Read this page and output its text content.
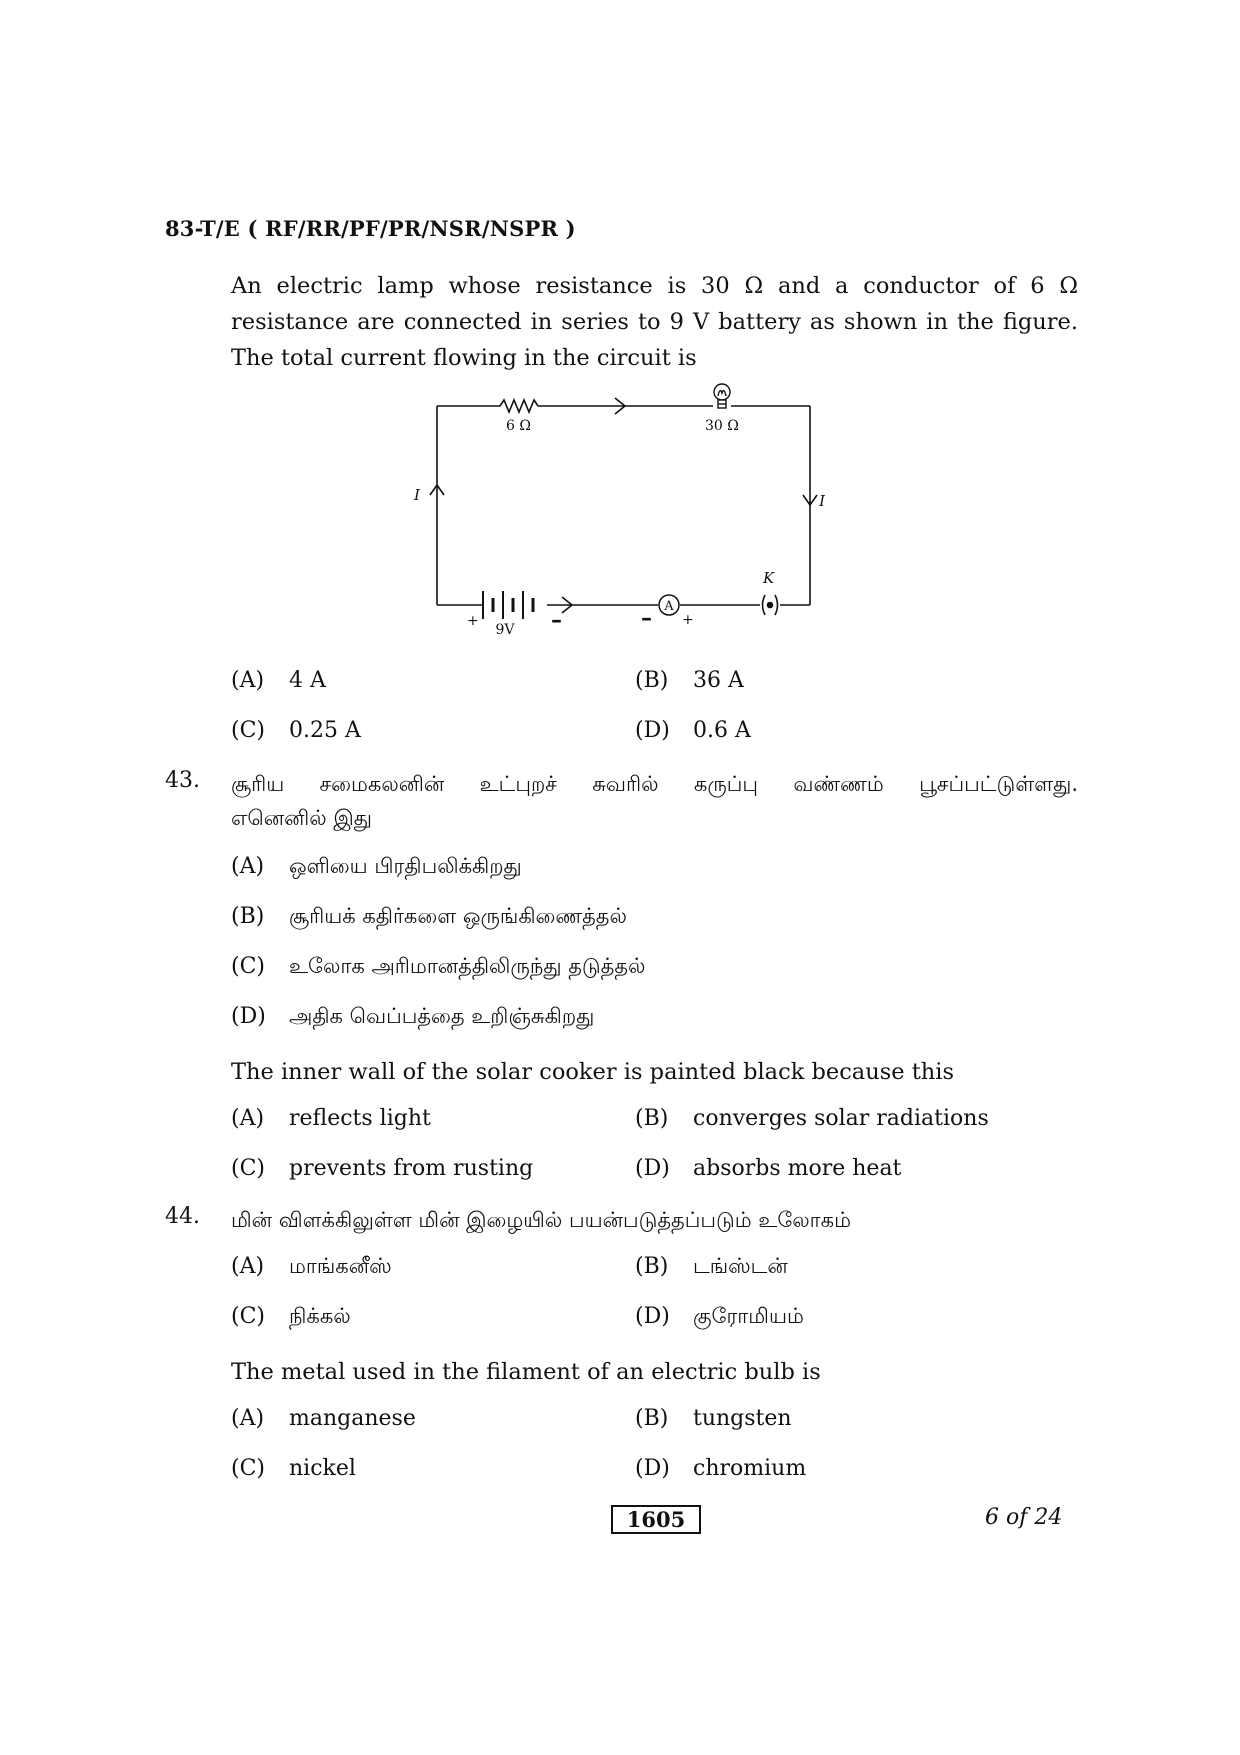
83-T/E ( RF/RR/PF/PR/NSR/NSPR )
An electric lamp whose resistance is 30 Ω and a conductor of 6 Ω
resistance are connected in series to 9 V battery as shown in the figure.
The total current flowing in the circuit is
6 Ω	30 Ω
I	I
K
A
+
9V –	– +
(A) 4 A	(B) 36 A
(C) 0.25 A	(D) 0.6 A
43. சூரிய சமைகலனின் உட்புறச் சுவரில் கருப்பு வண்ணம் பூசப்பட்டுள்ளது.
எனெனில் இது
(A) ஒளியை பிரதிபலிக்கிறது
(B) சூரியக் கதிர்களை ஒருங்கிணைத்தல்
(C) உலோக அரிமானத்திலிருந்து தடுத்தல்
(D) அதிக வெப்பத்தை உறிஞ்சுகிறது
The inner wall of the solar cooker is painted black because this
(A) reflects light	(B) converges solar radiations
(C) prevents from rusting	(D) absorbs more heat
44. மின் விளக்கிலுள்ள மின் இழையில் பயன்படுத்தப்படும் உலோகம்
(A) மாங்கனீஸ்	(B) டங்ஸ்டன்
(C) நிக்கல்	(D) குரோமியம்
The metal used in the filament of an electric bulb is
(A) manganese	(B) tungsten
(C) nickel	(D) chromium
1605	6 of 24
